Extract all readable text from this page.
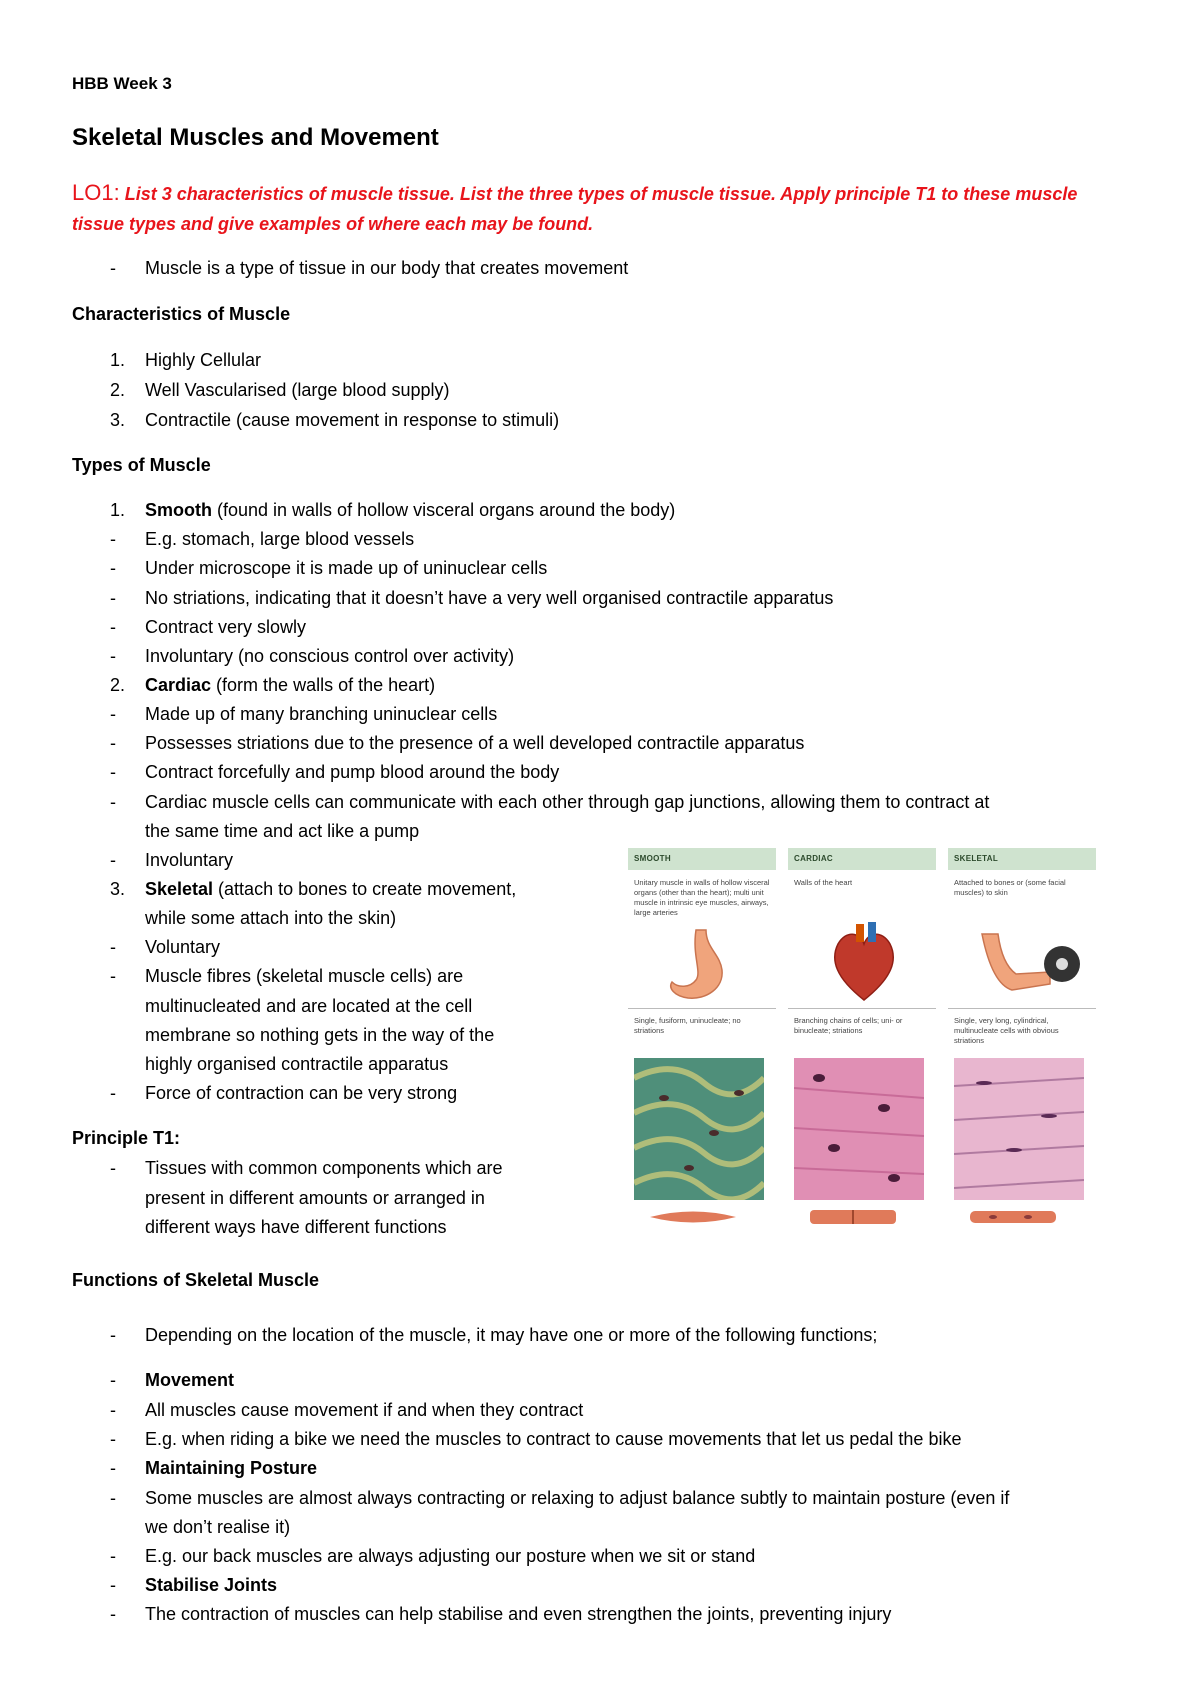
HBB Week 3
Skeletal Muscles and Movement
LO1: List 3 characteristics of muscle tissue. List the three types of muscle tissue. Apply principle T1 to these muscle
tissue types and give examples of where each may be found.
- Muscle is a type of tissue in our body that creates movement
Characteristics of Muscle
1. Highly Cellular
2. Well Vascularised (large blood supply)
3. Contractile (cause movement in response to stimuli)
Types of Muscle
1. Smooth (found in walls of hollow visceral organs around the body)
- E.g. stomach, large blood vessels
- Under microscope it is made up of uninuclear cells
- No striations, indicating that it doesn’t have a very well organised contractile apparatus
- Contract very slowly
- Involuntary (no conscious control over activity)
2. Cardiac (form the walls of the heart)
- Made up of many branching uninuclear cells
- Possesses striations due to the presence of a well developed contractile apparatus
- Contract forcefully and pump blood around the body
- Cardiac muscle cells can communicate with each other through gap junctions, allowing them to contract at
the same time and act like a pump
- Involuntary
3. Skeletal (attach to bones to create movement,
while some attach into the skin)
- Voluntary
- Muscle fibres (skeletal muscle cells) are
multinucleated and are located at the cell
membrane so nothing gets in the way of the
highly organised contractile apparatus
- Force of contraction can be very strong
Principle T1:
- Tissues with common components which are
present in different amounts or arranged in
different ways have different functions
Functions of Skeletal Muscle
- Depending on the location of the muscle, it may have one or more of the following functions;
- Movement
- All muscles cause movement if and when they contract
- E.g. when riding a bike we need the muscles to contract to cause movements that let us pedal the bike
- Maintaining Posture
- Some muscles are almost always contracting or relaxing to adjust balance subtly to maintain posture (even if
we don’t realise it)
- E.g. our back muscles are always adjusting our posture when we sit or stand
- Stabilise Joints
- The contraction of muscles can help stabilise and even strengthen the joints, preventing injury
SMOOTH
Unitary muscle in walls of hollow visceral organs (other than the heart); multi unit muscle in intrinsic eye muscles, airways, large arteries
Single, fusiform, uninucleate; no striations
CARDIAC
Walls of the heart
Branching chains of cells; uni- or binucleate; striations
SKELETAL
Attached to bones or (some facial muscles) to skin
Single, very long, cylindrical, multinucleate cells with obvious striations
